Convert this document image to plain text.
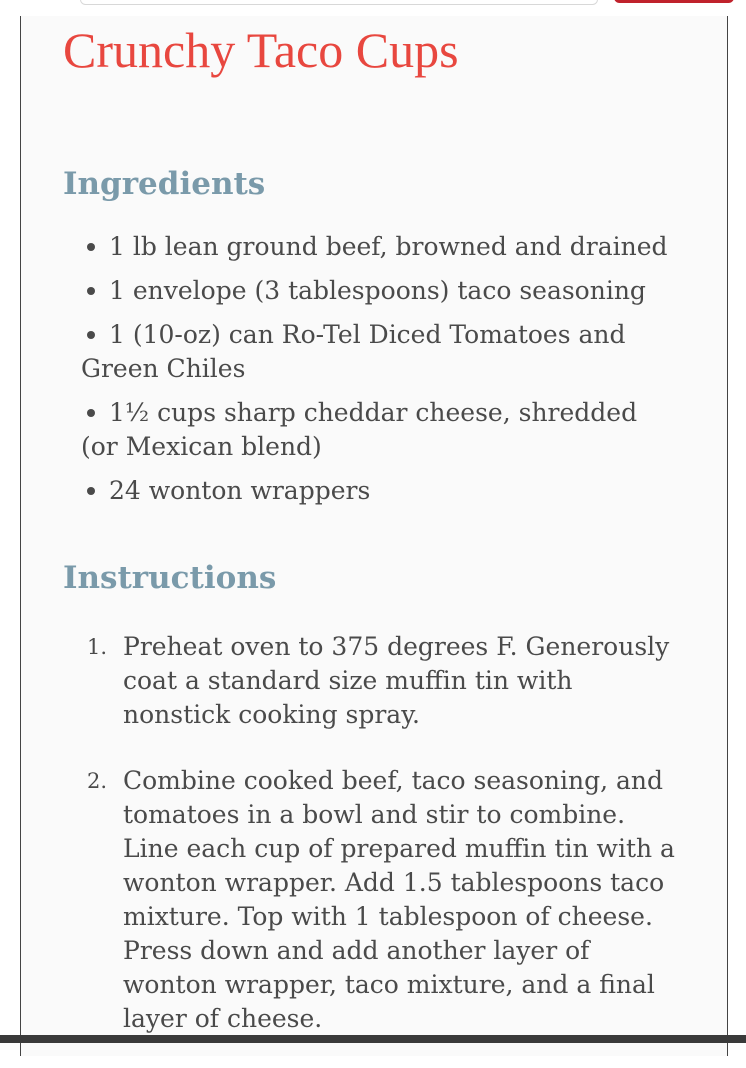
Crunchy Taco Cups
Ingredients
1 lb lean ground beef, browned and drained
1 envelope (3 tablespoons) taco seasoning
1 (10-oz) can Ro-Tel Diced Tomatoes and Green Chiles
1½ cups sharp cheddar cheese, shredded (or Mexican blend)
24 wonton wrappers
Instructions
1. Preheat oven to 375 degrees F. Generously coat a standard size muffin tin with nonstick cooking spray.
2. Combine cooked beef, taco seasoning, and tomatoes in a bowl and stir to combine. Line each cup of prepared muffin tin with a wonton wrapper. Add 1.5 tablespoons taco mixture. Top with 1 tablespoon of cheese. Press down and add another layer of wonton wrapper, taco mixture, and a final layer of cheese.
